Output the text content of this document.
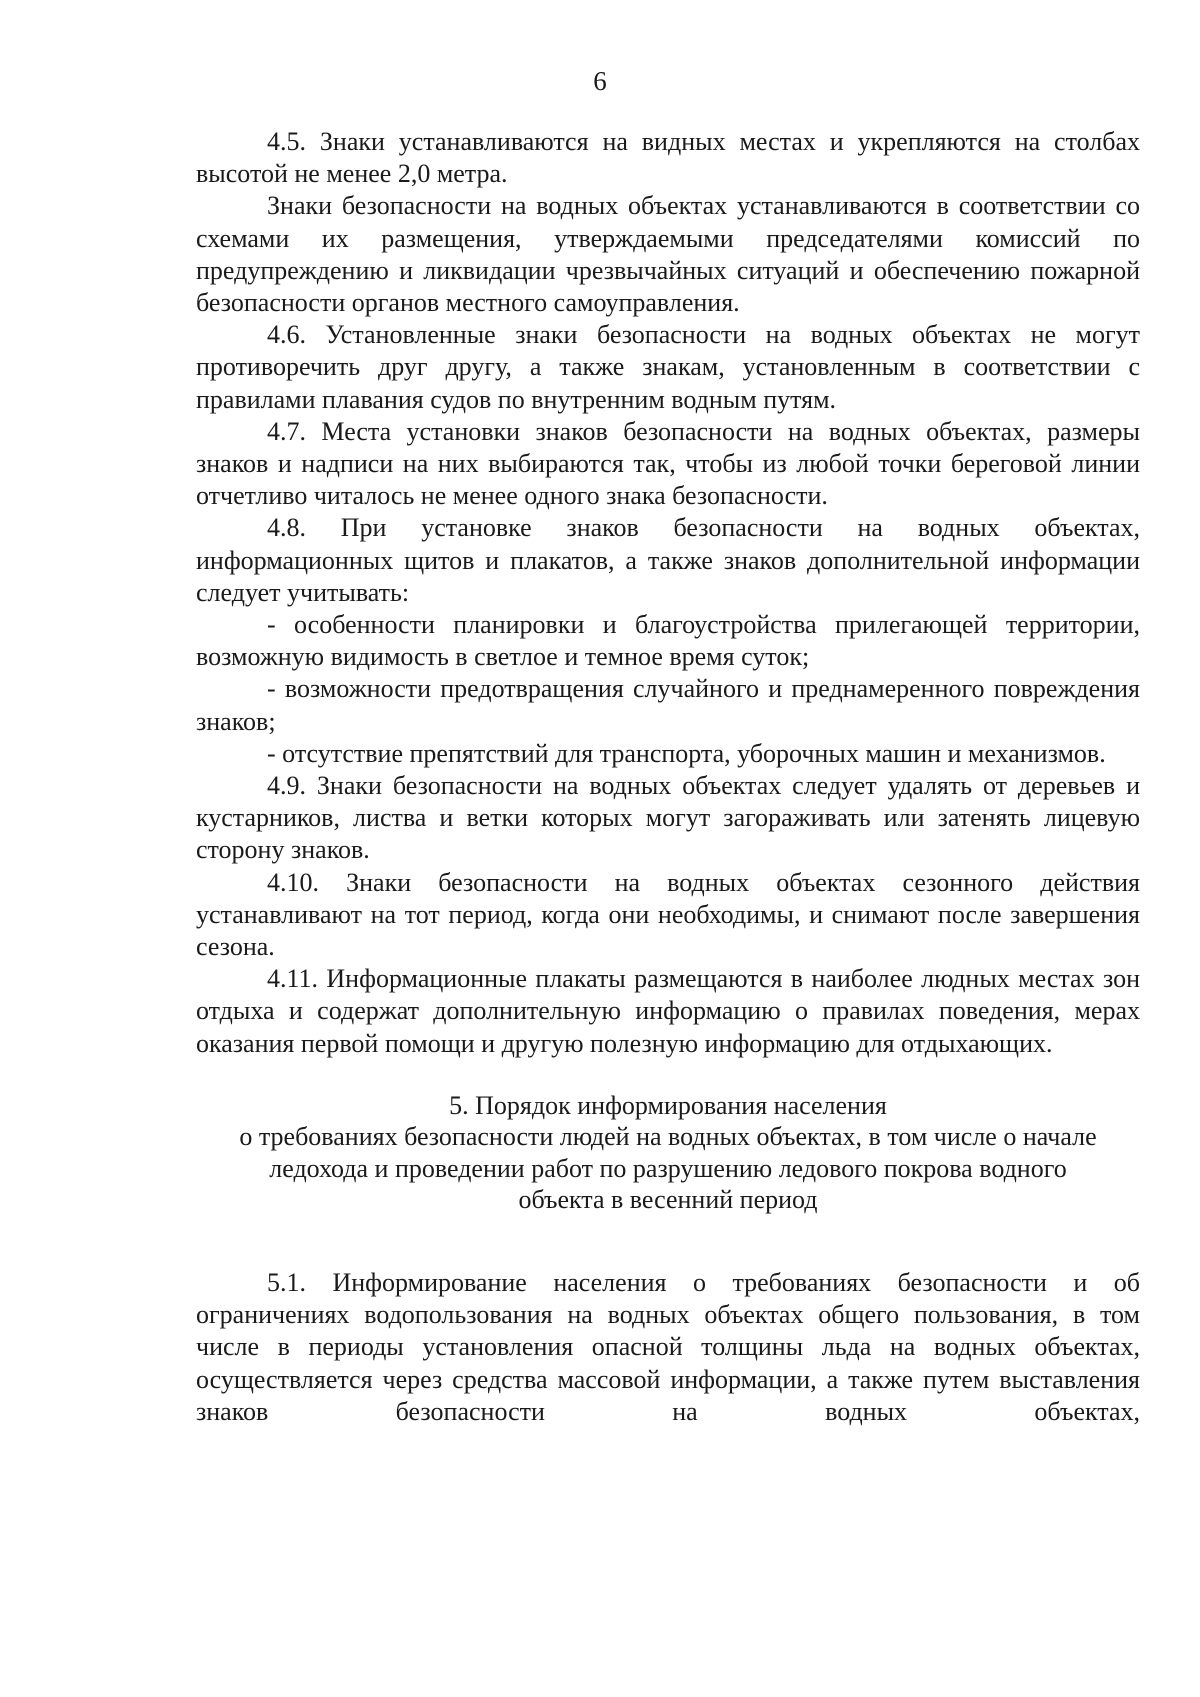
6

4.5. Знаки устанавливаются на видных местах и укрепляются на столбах высотой не менее 2,0 метра.

Знаки безопасности на водных объектах устанавливаются в соответствии со схемами их размещения, утверждаемыми председателями комиссий по предупреждению и ликвидации чрезвычайных ситуаций и обеспечению пожарной безопасности органов местного самоуправления.

4.6. Установленные знаки безопасности на водных объектах не могут противоречить друг другу, а также знакам, установленным в соответствии с правилами плавания судов по внутренним водным путям.

4.7. Места установки знаков безопасности на водных объектах, размеры знаков и надписи на них выбираются так, чтобы из любой точки береговой линии отчетливо читалось не менее одного знака безопасности.

4.8. При установке знаков безопасности на водных объектах, информационных щитов и плакатов, а также знаков дополнительной информации следует учитывать:

- особенности планировки и благоустройства прилегающей территории, возможную видимость в светлое и темное время суток;

- возможности предотвращения случайного и преднамеренного повреждения знаков;

- отсутствие препятствий для транспорта, уборочных машин и механизмов.

4.9. Знаки безопасности на водных объектах следует удалять от деревьев и кустарников, листва и ветки которых могут загораживать или затенять лицевую сторону знаков.

4.10. Знаки безопасности на водных объектах сезонного действия устанавливают на тот период, когда они необходимы, и снимают после завершения сезона.

4.11. Информационные плакаты размещаются в наиболее людных местах зон отдыха и содержат дополнительную информацию о правилах поведения, мерах оказания первой помощи и другую полезную информацию для отдыхающих.

5. Порядок информирования населения
о требованиях безопасности людей на водных объектах, в том числе о начале
ледохода и проведении работ по разрушению ледового покрова водного
объекта в весенний период

5.1. Информирование населения о требованиях безопасности и об ограничениях водопользования на водных объектах общего пользования, в том числе в периоды установления опасной толщины льда на водных объектах, осуществляется через средства массовой информации, а также путем выставления знаков безопасности на водных объектах,
